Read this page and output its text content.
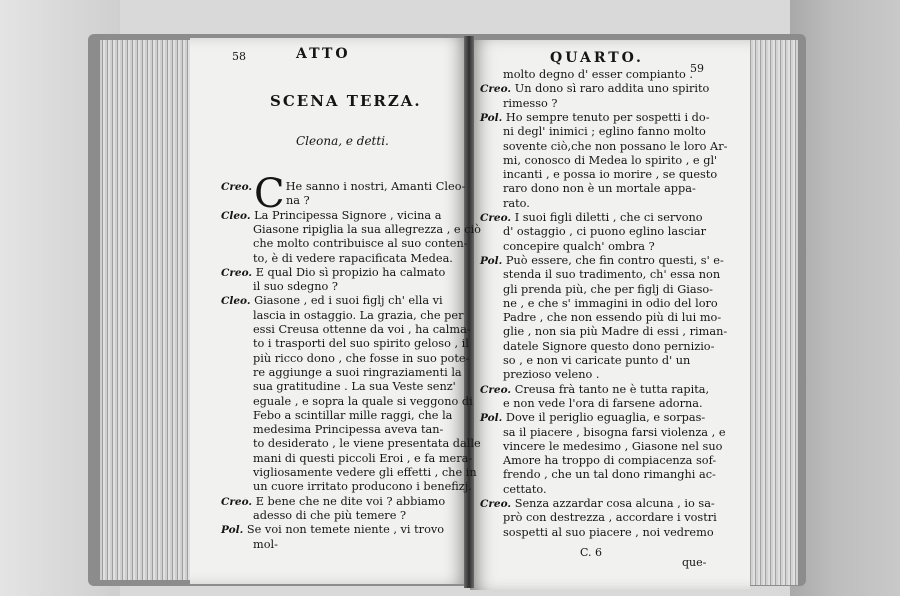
58	ATTO
SCENA TERZA.
Cleona, e detti.
C
Creo.	He sanno i nostri, Amanti Cleo-
na ?
Cleo. La Principessa Signore , vicina a
Giasone ripiglia la sua allegrezza , e ciò
che molto contribuisce al suo conten-
to, è di vedere rapacificata Medea.
Creo. E qual Dio sì propizio ha calmato
il suo sdegno ?
Cleo. Giasone , ed i suoi figlj ch' ella vi
lascia in ostaggio. La grazia, che per
essi Creusa ottenne da voi , ha calma-
to i trasporti del suo spirito geloso , il
più ricco dono , che fosse in suo pote-
re aggiunge a suoi ringraziamenti la
sua gratitudine . La sua Veste senz'
eguale , e sopra la quale si veggono di
Febo a scintillar mille raggi, che la
medesima Principessa aveva tan-
to desiderato , le viene presentata dalle
mani di questi piccoli Eroi , e fa mera-
vigliosamente vedere gli effetti , che in
un cuore irritato producono i benefizj.
Creo. E bene che ne dite voi ? abbiamo
adesso di che più temere ?
Pol. Se voi non temete niente , vi trovo
mol-
QUARTO.
59
molto degno d' esser compianto .
Creo. Un dono sì raro addita uno spirito
rimesso ?
Pol. Ho sempre tenuto per sospetti i do-
ni degl' inimici ; eglino fanno molto
sovente ciò,che non possano le loro Ar-
mi, conosco di Medea lo spirito , e gl'
incanti , e possa io morire , se questo
raro dono non è un mortale appa-
rato.
Creo. I suoi figli diletti , che ci servono
d' ostaggio , ci puono eglino lasciar
concepire qualch' ombra ?
Pol. Può essere, che fin contro questi, s' e-
stenda il suo tradimento, ch' essa non
gli prenda più, che per figlj di Giaso-
ne , e che s' immagini in odio del loro
Padre , che non essendo più di lui mo-
glie , non sia più Madre di essi , riman-
datele Signore questo dono pernizio-
so , e non vi caricate punto d' un
prezioso veleno .
Creo. Creusa frà tanto ne è tutta rapita,
e non vede l'ora di farsene adorna.
Pol. Dove il periglio eguaglia, e sorpas-
sa il piacere , bisogna farsi violenza , e
vincere le medesimo , Giasone nel suo
Amore ha troppo di compiacenza sof-
frendo , che un tal dono rimanghi ac-
cettato.
Creo. Senza azzardar cosa alcuna , io sa-
prò con destrezza , accordare i vostri
sospetti al suo piacere , noi vedremo
C. 6
que-
